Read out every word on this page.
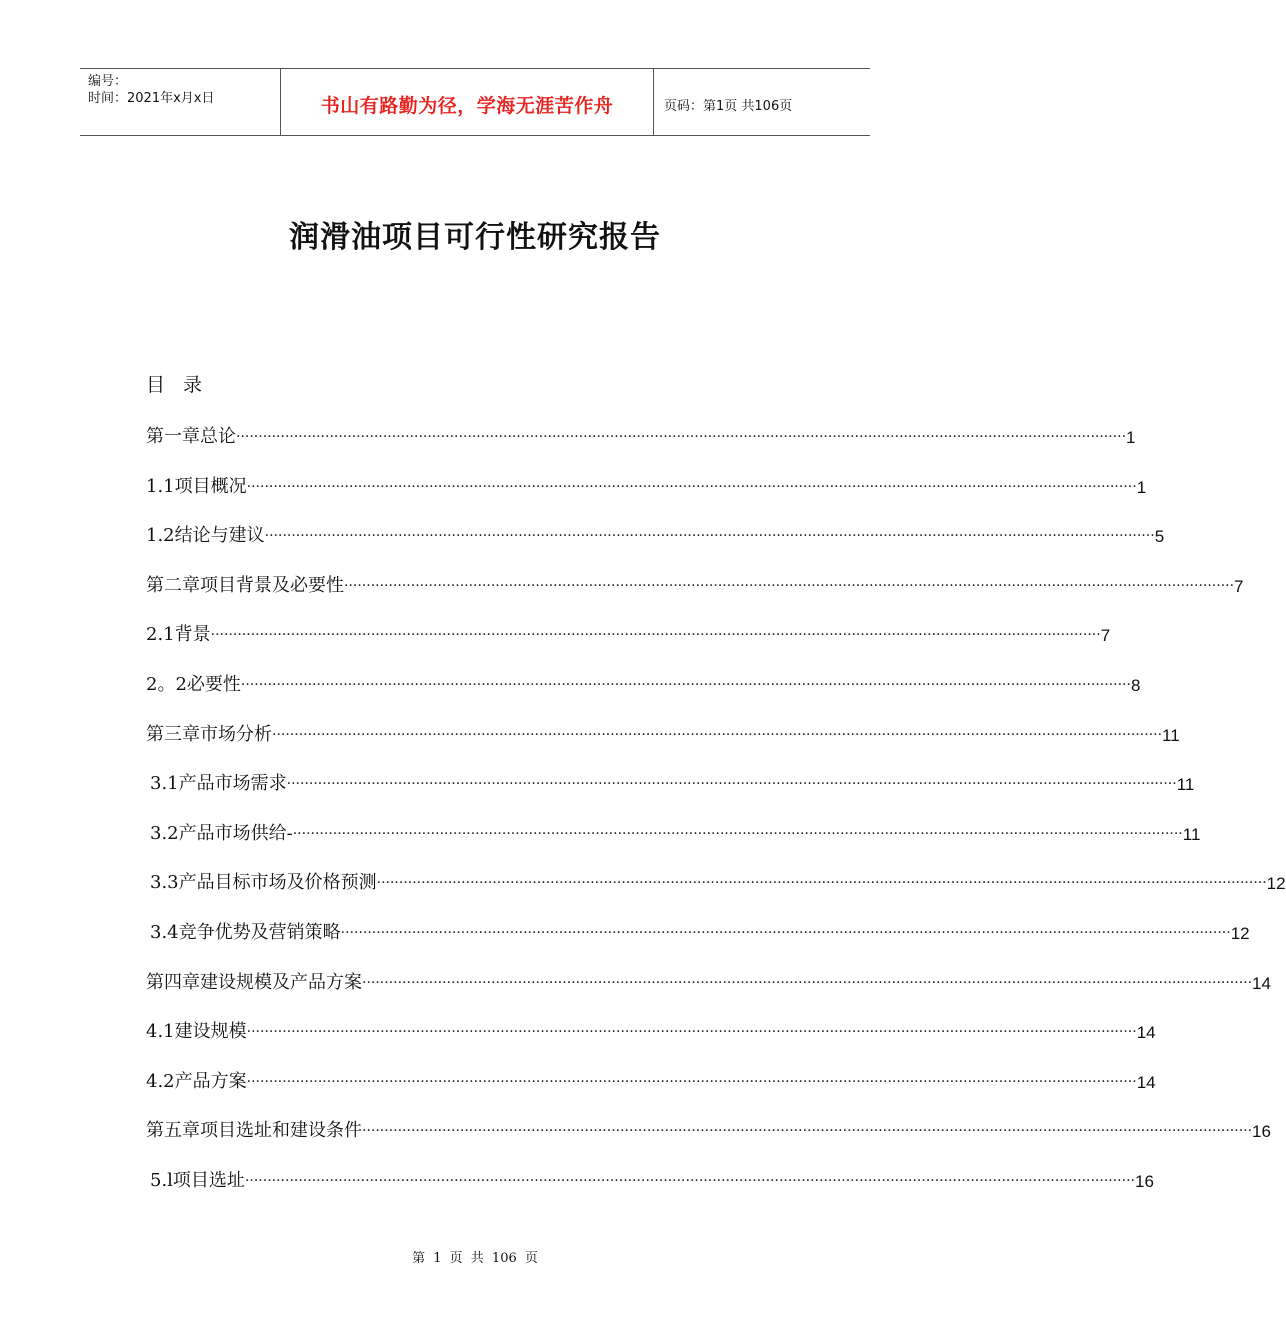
编号：
时间：2021年x月x日	书山有路勤为径，学海无涯苦作舟	页码：第1页 共106页
润滑油项目可行性研究报告
目 录
第一章总论 ········································································································································································································ 1
1.1项目概况 ········································································································································································································ 1
1.2结论与建议 ········································································································································································································ 5
第二章项目背景及必要性 ········································································································································································································ 7
2.1背景 ········································································································································································································ 7
2。2必要性 ········································································································································································································ 8
第三章市场分析 ········································································································································································································ 11
3.1产品市场需求 ········································································································································································································ 11
3.2产品市场供给- ········································································································································································································ 11
3.3产品目标市场及价格预测 ········································································································································································································ 12
3.4竞争优势及营销策略 ········································································································································································································ 12
第四章建设规模及产品方案 ········································································································································································································ 14
4.1建设规模 ········································································································································································································ 14
4.2产品方案 ········································································································································································································ 14
第五章项目选址和建设条件 ········································································································································································································ 16
5.l项目选址 ········································································································································································································ 16
第 1 页 共 106 页
